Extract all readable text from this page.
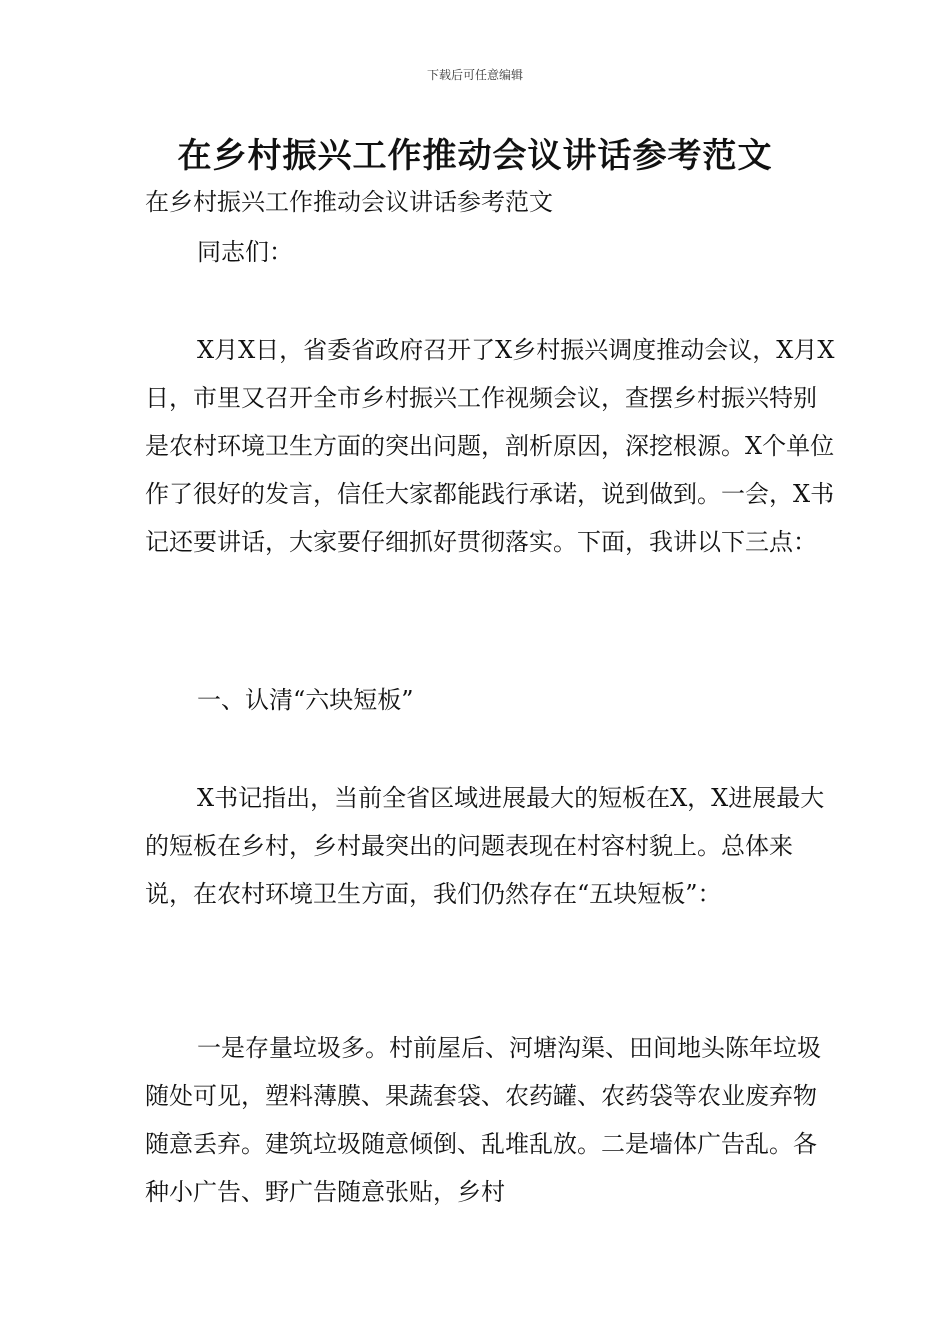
下载后可任意编辑
在乡村振兴工作推动会议讲话参考范文

在乡村振兴工作推动会议讲话参考范文

同志们：

X月X日，省委省政府召开了X乡村振兴调度推动会议，X月X日，市里又召开全市乡村振兴工作视频会议，查摆乡村振兴特别是农村环境卫生方面的突出问题，剖析原因，深挖根源。X个单位作了很好的发言，信任大家都能践行承诺，说到做到。一会，X书记还要讲话，大家要仔细抓好贯彻落实。下面，我讲以下三点：

一、认清“六块短板”

X书记指出，当前全省区域进展最大的短板在X，X进展最大的短板在乡村，乡村最突出的问题表现在村容村貌上。总体来说，在农村环境卫生方面，我们仍然存在“五块短板”：

一是存量垃圾多。村前屋后、河塘沟渠、田间地头陈年垃圾随处可见，塑料薄膜、果蔬套袋、农药罐、农药袋等农业废弃物随意丢弃。建筑垃圾随意倾倒、乱堆乱放。二是墙体广告乱。各种小广告、野广告随意张贴，乡村
